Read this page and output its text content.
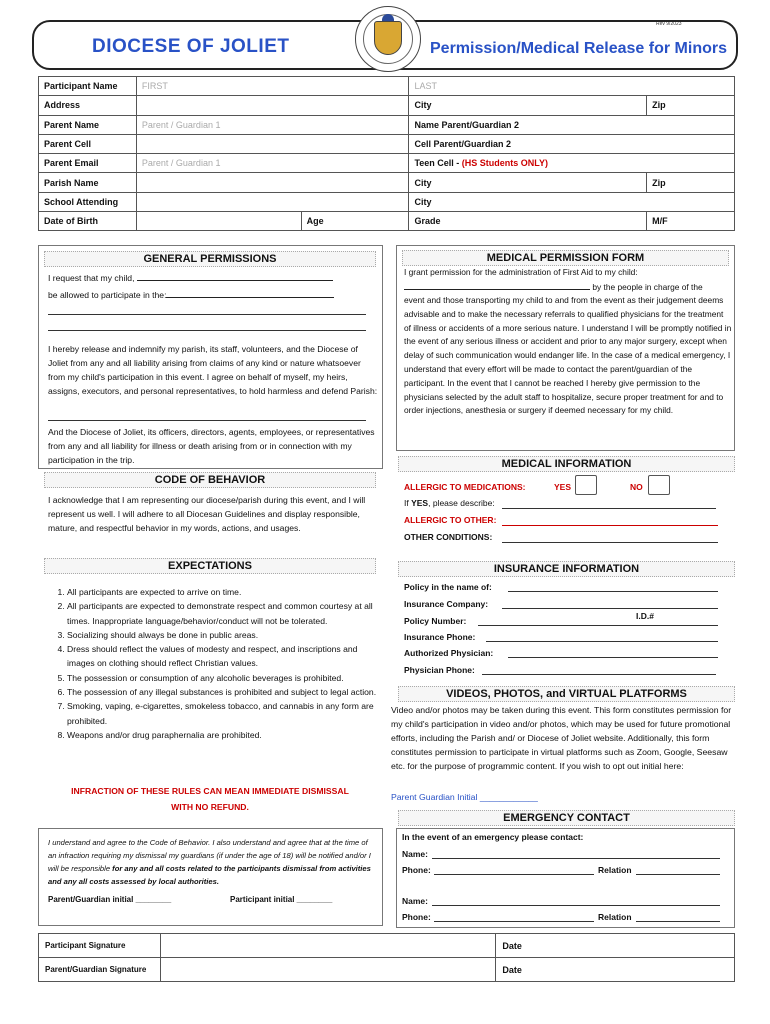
Rev 9/2023
DIOCESE OF JOLIET	Permission/Medical Release for Minors
Participant Name	FIRST		LAST	
Address			City	Zip
Parent Name	Parent / Guardian 1		Name Parent/Guardian 2	
Parent Cell			Cell Parent/Guardian 2	
Parent Email	Parent / Guardian 1		Teen Cell - (HS Students ONLY)	
Parish Name			City	Zip
School Attending			City	
Date of Birth		Age	Grade	M/F
GENERAL PERMISSIONS
I request that my child,
be allowed to participate in the:
I hereby release and indemnify my parish, its staff, volunteers, and the Diocese of Joliet from any and all liability arising from claims of any kind or nature whatsoever from my child's participation in this event. I agree on behalf of myself, my heirs, assigns, executors, and personal representatives, to hold harmless and defend Parish:
And the Diocese of Joliet, its officers, directors, agents, employees, or representatives from any and all liability for illness or death arising from or in connection with my participation in the trip.
CODE OF BEHAVIOR
I acknowledge that I am representing our diocese/parish during this event, and I will represent us well. I will adhere to all Diocesan Guidelines and display responsible, mature, and respectful behavior in my words, actions, and usages.
EXPECTATIONS
1. All participants are expected to arrive on time.
2. All participants are expected to demonstrate respect and common courtesy at all times. Inappropriate language/behavior/conduct will not be tolerated.
3. Socializing should always be done in public areas.
4. Dress should reflect the values of modesty and respect, and inscriptions and images on clothing should reflect Christian values.
5. The possession or consumption of any alcoholic beverages is prohibited.
6. The possession of any illegal substances is prohibited and subject to legal action.
7. Smoking, vaping, e-cigarettes, smokeless tobacco, and cannabis in any form are prohibited.
8. Weapons and/or drug paraphernalia are prohibited.
INFRACTION OF THESE RULES CAN MEAN IMMEDIATE DISMISSAL
WITH NO REFUND.
I understand and agree to the Code of Behavior. I also understand and agree that at the time of an infraction requiring my dismissal my guardians (if under the age of 18) will be notified and/or I will be responsible for any and all costs related to the participants dismissal from activities and any all costs assessed by local authorities.
Parent/Guardian initial ________	Participant initial ________
MEDICAL PERMISSION FORM
I grant permission for the administration of First Aid to my child:
by the people in charge of the
event and those transporting my child to and from the event as their judgement deems advisable and to make the necessary referrals to qualified physicians for the treatment of illness or accidents of a more serious nature. I understand I will be promptly notified in the event of any serious illness or accident and prior to any major surgery, except when delay of such communication would endanger life. In the case of a medical emergency, I understand that every effort will be made to contact the parent/guardian of the participant. In the event that I cannot be reached I hereby give permission to the physicians selected by the adult staff to hospitalize, secure proper treatment for and to order injections, anesthesia or surgery if deemed necessary for my child.
MEDICAL INFORMATION
ALLERGIC TO MEDICATIONS:	YES	NO
If YES, please describe:
ALLERGIC TO OTHER:
OTHER CONDITIONS:
INSURANCE INFORMATION
Policy in the name of:
Insurance Company:
I.D.#
Policy Number:
Insurance Phone:
Authorized Physician:
Physician Phone:
VIDEOS, PHOTOS, and VIRTUAL PLATFORMS
Video and/or photos may be taken during this event. This form constitutes permission for my child's participation in video and/or photos, which may be used for future promotional efforts, including the Parish and/ or Diocese of Joliet website. Additionally, this form constitutes permission to participate in virtual platforms such as Zoom, Google, Seesaw etc. for the purpose of programmic content. If you wish to opt out initial here:
Parent Guardian Initial ____________
EMERGENCY CONTACT
In the event of an emergency please contact:
Name:
Phone:	Relation
Name:
Phone:	Relation
Participant Signature		Date
Parent/Guardian Signature		Date
